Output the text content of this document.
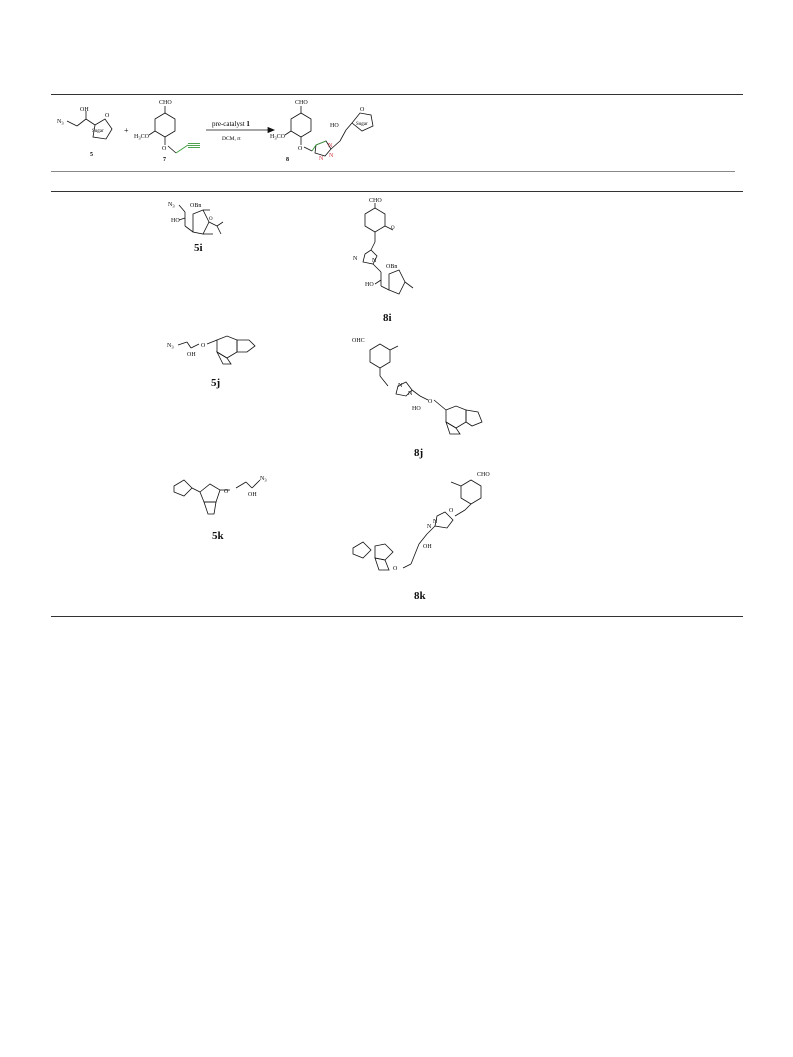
OH
$N_3$
O
Sugar
5
+
CHO
$H_3CO$
O
7
pre-catalyst 1
DCM, rt
CHO
$H_3CO$
O	N
N
N
HO
O
Sugar
8
$N_3$	OBn
HO	O
5i
CHO
O
N N
OBn
HO
8i
$N_3$
OH
O
5j
OHC
N
N
HO
O
8j
O	OH
$N_3$
5k
CHO
O
N
N
OH
O
8k
